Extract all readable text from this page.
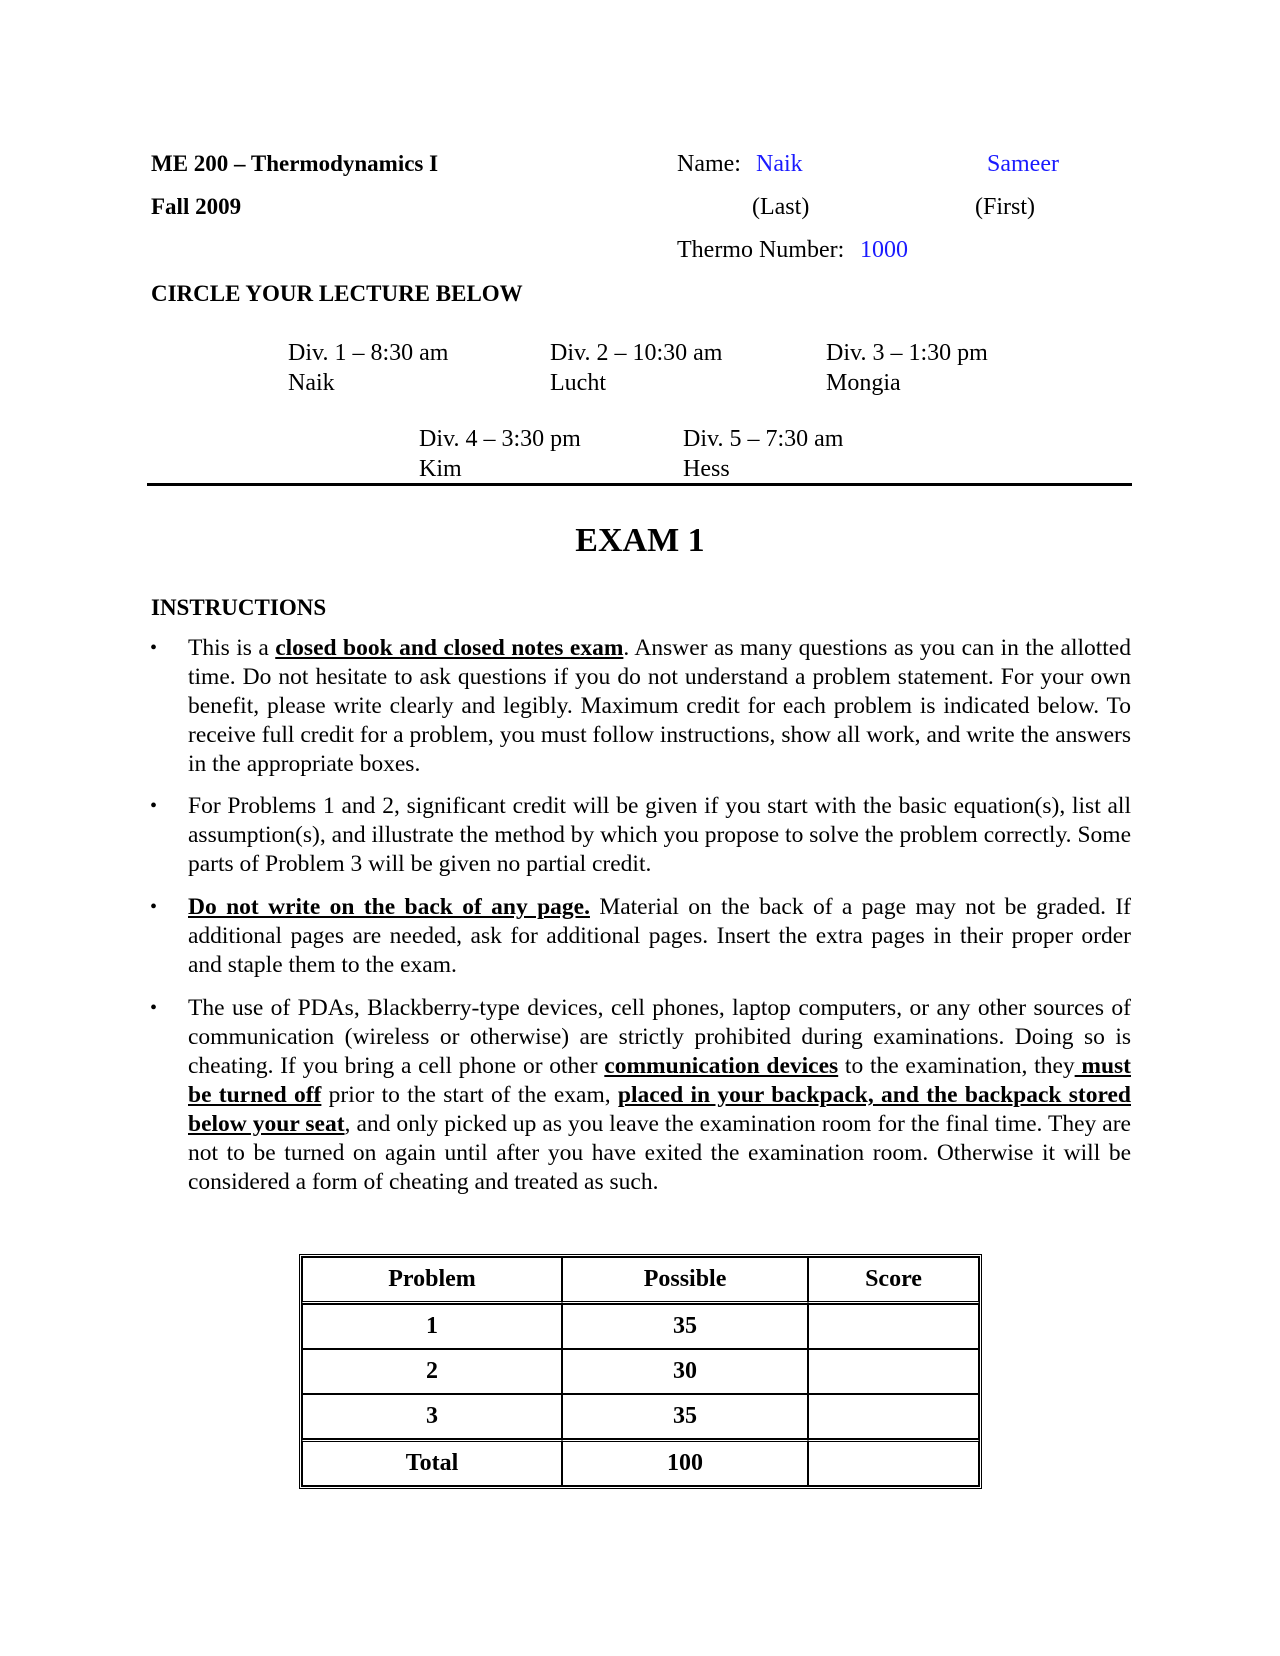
ME 200 – Thermodynamics I
Fall 2009
Name: Naik	Sameer
(Last)	(First)
Thermo Number: 1000
CIRCLE YOUR LECTURE BELOW
Div. 1 – 8:30 am
Naik
Div. 2 – 10:30 am
Lucht
Div. 3 – 1:30 pm
Mongia
Div. 4 – 3:30 pm
Kim
Div. 5 – 7:30 am
Hess
EXAM 1
INSTRUCTIONS
• This is a closed book and closed notes exam. Answer as many questions as you can in the allotted time. Do not hesitate to ask questions if you do not understand a problem statement. For your own benefit, please write clearly and legibly. Maximum credit for each problem is indicated below. To receive full credit for a problem, you must follow instructions, show all work, and write the answers in the appropriate boxes.
• For Problems 1 and 2, significant credit will be given if you start with the basic equation(s), list all assumption(s), and illustrate the method by which you propose to solve the problem correctly. Some parts of Problem 3 will be given no partial credit.
• Do not write on the back of any page. Material on the back of a page may not be graded. If additional pages are needed, ask for additional pages. Insert the extra pages in their proper order and staple them to the exam.
• The use of PDAs, Blackberry-type devices, cell phones, laptop computers, or any other sources of communication (wireless or otherwise) are strictly prohibited during examinations. Doing so is cheating. If you bring a cell phone or other communication devices to the examination, they must be turned off prior to the start of the exam, placed in your backpack, and the backpack stored below your seat, and only picked up as you leave the examination room for the final time. They are not to be turned on again until after you have exited the examination room. Otherwise it will be considered a form of cheating and treated as such.
Problem	Possible	Score
1	35	
2	30	
3	35	
Total	100	
